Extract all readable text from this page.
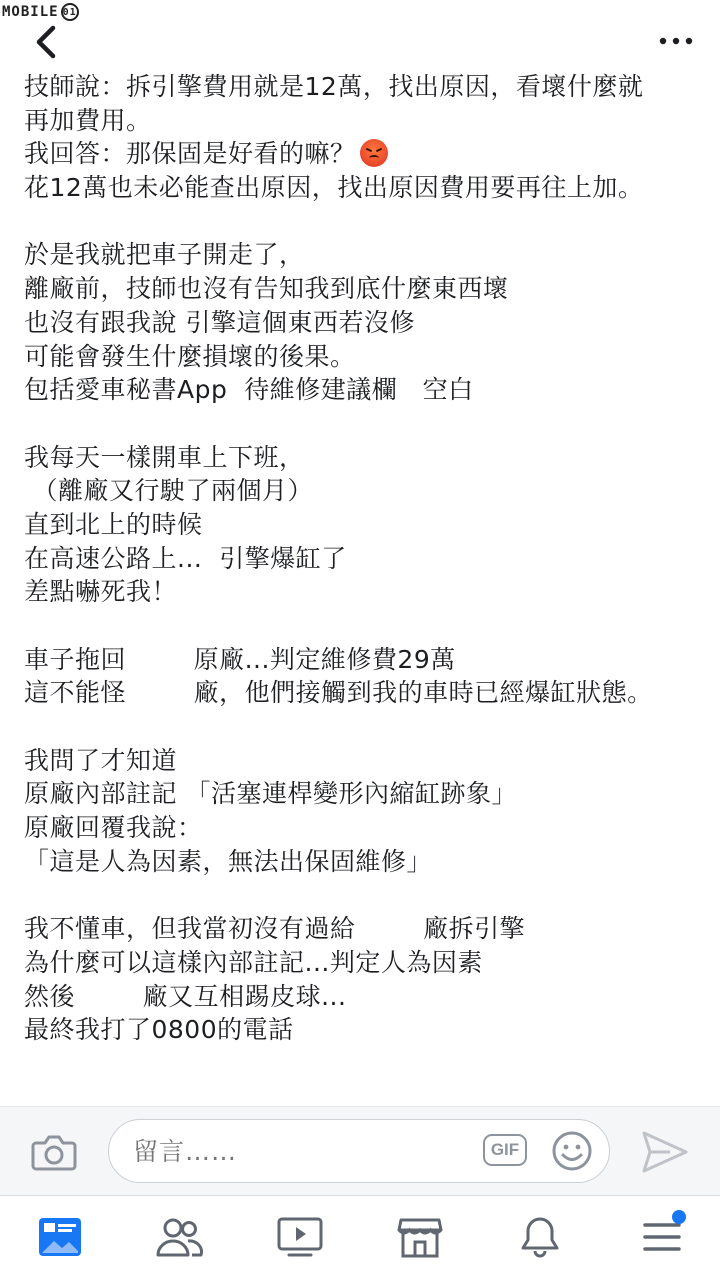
MOBILE 01
技師說：拆引擎費用就是12萬，找出原因，看壞什麼就
再加費用。
我回答：那保固是好看的嘛？
花12萬也未必能查出原因，找出原因費用要再往上加。
於是我就把車子開走了，
離廠前，技師也沒有告知我到底什麼東西壞
也沒有跟我說 引擎這個東西若沒修
可能會發生什麼損壞的後果。
包括愛車秘書App  待維修建議欄   空白
我每天一樣開車上下班，
（離廠又行駛了兩個月）
直到北上的時候
在高速公路上...  引擎爆缸了
差點嚇死我！
車子拖回        原廠...判定維修費29萬
這不能怪        廠，他們接觸到我的車時已經爆缸狀態。
我問了才知道
原廠內部註記 「活塞連桿變形內縮缸跡象」
原廠回覆我說：
「這是人為因素，無法出保固維修」
我不懂車，但我當初沒有過給        廠拆引擎
為什麼可以這樣內部註記...判定人為因素
然後        廠又互相踢皮球...
最終我打了0800的電話
留言……
GIF
